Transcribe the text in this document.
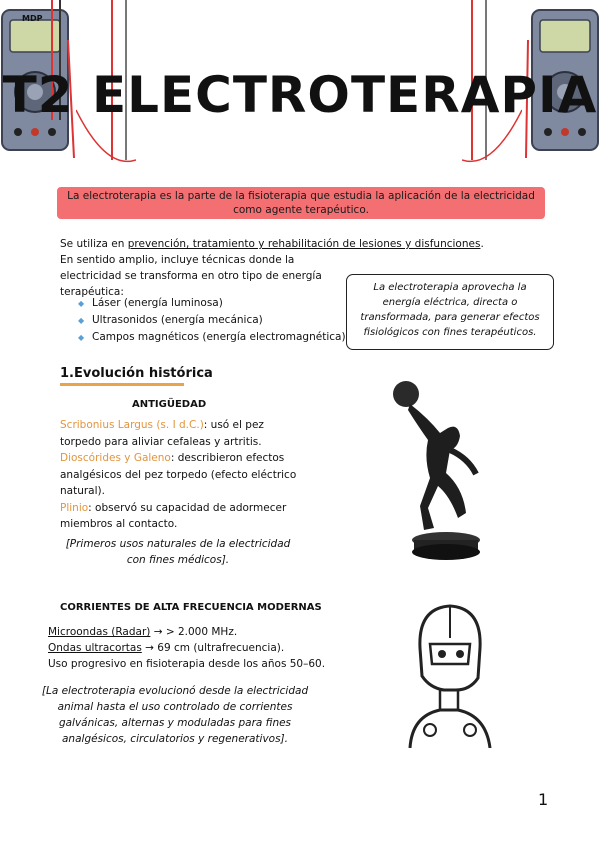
MDP
T2 ELECTROTERAPIA
La electroterapia es la parte de la fisioterapia que estudia la aplicación de la electricidad como agente terapéutico.
Se utiliza en prevención, tratamiento y rehabilitación de lesiones y disfunciones.
En sentido amplio, incluye técnicas donde la electricidad se transforma en otro tipo de energía terapéutica:
◆ Láser (energía luminosa)
◆ Ultrasonidos (energía mecánica)
◆ Campos magnéticos (energía electromagnética)
La electroterapia aprovecha la energía eléctrica, directa o transformada, para generar efectos fisiológicos con fines terapéuticos.
1.Evolución histórica
ANTIGÜEDAD
Scribonius Largus (s. I d.C.): usó el pez torpedo para aliviar cefaleas y artritis.
Dioscórides y Galeno: describieron efectos analgésicos del pez torpedo (efecto eléctrico natural).
Plinio: observó su capacidad de adormecer miembros al contacto.
[Primeros usos naturales de la electricidad con fines médicos].
CORRIENTES DE ALTA FRECUENCIA MODERNAS
Microondas (Radar) → > 2.000 MHz.
Ondas ultracortas → 69 cm (ultrafrecuencia).
Uso progresivo en fisioterapia desde los años 50–60.
[La electroterapia evolucionó desde la electricidad animal hasta el uso controlado de corrientes galvánicas, alternas y moduladas para fines analgésicos, circulatorios y regenerativos].
1
